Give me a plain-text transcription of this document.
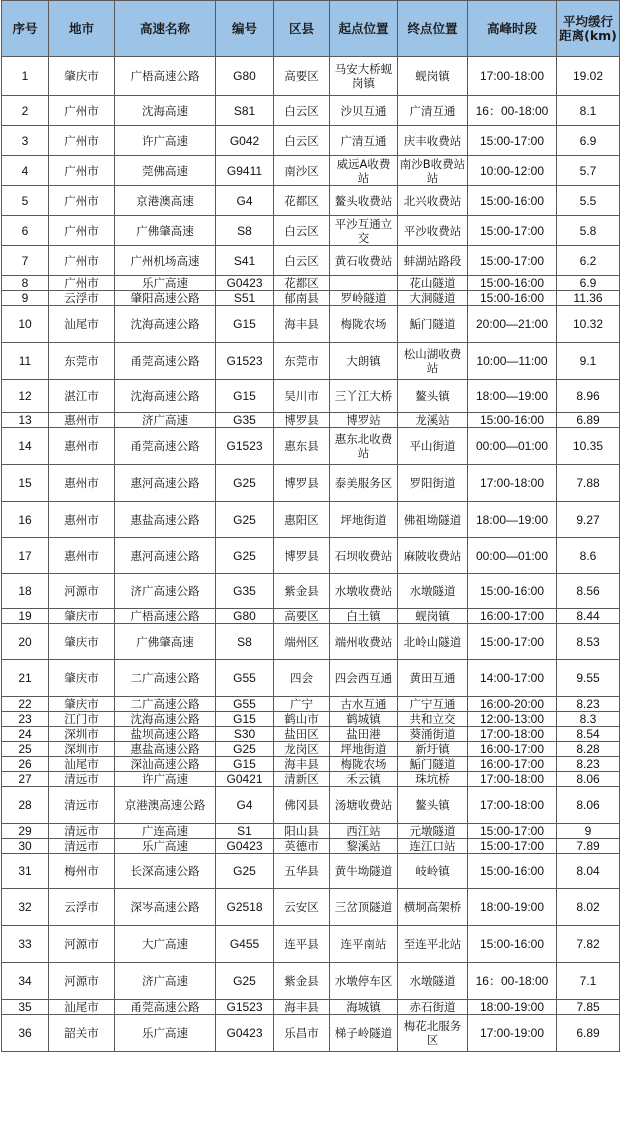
序号	地市	高速名称	编号	区县	起点位置	终点位置	高峰时段	平均缓行距离(km)
1	肇庆市	广梧高速公路	G80	高要区	马安大桥蚬岗镇	蚬岗镇	17:00-18:00	19.02
2	广州市	沈海高速	S81	白云区	沙贝互通	广清互通	16：00-18:00	8.1
3	广州市	许广高速	G042	白云区	广清互通	庆丰收费站	15:00-17:00	6.9
4	广州市	莞佛高速	G9411	南沙区	威远A收费站	南沙B收费站站	10:00-12:00	5.7
5	广州市	京港澳高速	G4	花都区	鳌头收费站	北兴收费站	15:00-16:00	5.5
6	广州市	广佛肇高速	S8	白云区	平沙互通立交	平沙收费站	15:00-17:00	5.8
7	广州市	广州机场高速	S41	白云区	黄石收费站	蚌湖站路段	15:00-17:00	6.2
8	广州市	乐广高速	G0423	花都区		花山隧道	15:00-16:00	6.9
9	云浮市	肇阳高速公路	S51	郁南县	罗岭隧道	大洞隧道	15:00-16:00	11.36
10	汕尾市	沈海高速公路	G15	海丰县	梅陇农场	鮜门隧道	20:00—21:00	10.32
11	东莞市	甬莞高速公路	G1523	东莞市	大朗镇	松山湖收费站	10:00—11:00	9.1
12	湛江市	沈海高速公路	G15	吴川市	三丫江大桥	鳌头镇	18:00—19:00	8.96
13	惠州市	济广高速	G35	博罗县	博罗站	龙溪站	15:00-16:00	6.89
14	惠州市	甬莞高速公路	G1523	惠东县	惠东北收费站	平山街道	00:00—01:00	10.35
15	惠州市	惠河高速公路	G25	博罗县	泰美服务区	罗阳街道	17:00-18:00	7.88
16	惠州市	惠盐高速公路	G25	惠阳区	坪地街道	佛祖坳隧道	18:00—19:00	9.27
17	惠州市	惠河高速公路	G25	博罗县	石坝收费站	麻陂收费站	00:00—01:00	8.6
18	河源市	济广高速公路	G35	紫金县	水墩收费站	水墩隧道	15:00-16:00	8.56
19	肇庆市	广梧高速公路	G80	高要区	白土镇	蚬岗镇	16:00-17:00	8.44
20	肇庆市	广佛肇高速	S8	端州区	端州收费站	北岭山隧道	15:00-17:00	8.53
21	肇庆市	二广高速公路	G55	四会	四会西互通	黄田互通	14:00-17:00	9.55
22	肇庆市	二广高速公路	G55	广宁	古水互通	广宁互通	16:00-20:00	8.23
23	江门市	沈海高速公路	G15	鹤山市	鹤城镇	共和立交	12:00-13:00	8.3
24	深圳市	盐坝高速公路	S30	盐田区	盐田港	葵涌街道	17:00-18:00	8.54
25	深圳市	惠盐高速公路	G25	龙岗区	坪地街道	新圩镇	16:00-17:00	8.28
26	汕尾市	深汕高速公路	G15	海丰县	梅陇农场	鮜门隧道	16:00-17:00	8.23
27	清远市	许广高速	G0421	清新区	禾云镇	珠坑桥	17:00-18:00	8.06
28	清远市	京港澳高速公路	G4	佛冈县	汤塘收费站	鳌头镇	17:00-18:00	8.06
29	清远市	广连高速	S1	阳山县	西江站	元墩隧道	15:00-17:00	9
30	清远市	乐广高速	G0423	英德市	黎溪站	连江口站	15:00-17:00	7.89
31	梅州市	长深高速公路	G25	五华县	黄牛坳隧道	岐岭镇	15:00-16:00	8.04
32	云浮市	深岑高速公路	G2518	云安区	三岔顶隧道	横垌高架桥	18:00-19:00	8.02
33	河源市	大广高速	G455	连平县	连平南站	至连平北站	15:00-16:00	7.82
34	河源市	济广高速	G25	紫金县	水墩停车区	水墩隧道	16：00-18:00	7.1
35	汕尾市	甬莞高速公路	G1523	海丰县	海城镇	赤石街道	18:00-19:00	7.85
36	韶关市	乐广高速	G0423	乐昌市	梯子岭隧道	梅花北服务区	17:00-19:00	6.89
